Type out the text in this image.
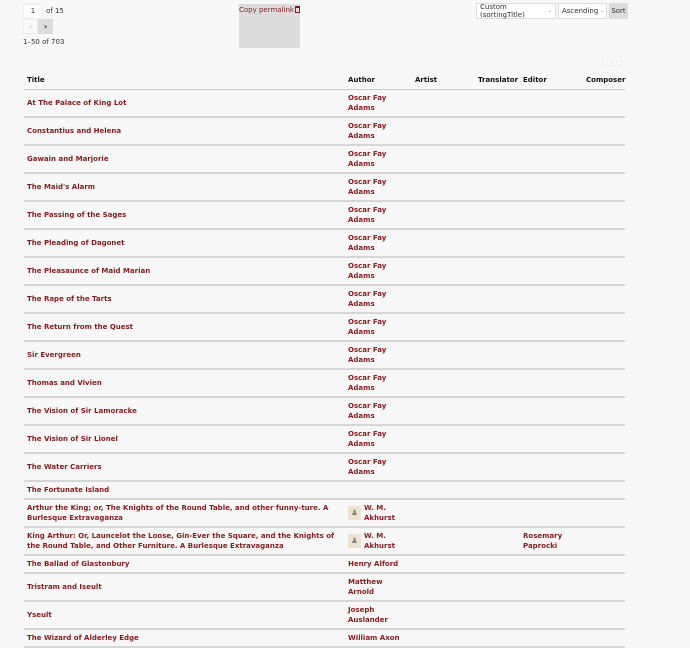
1
of 15
‹ ›
1–50 of 703
Copy permalink	Custom (sortingTitle)	⌄ Ascending ⌄ Sort
‹ ›
Title	Author	Artist	Translator	Editor	Composer
At The Palace of King Lot	Oscar Fay Adams				
Constantius and Helena	Oscar Fay Adams				
Gawain and Marjorie	Oscar Fay Adams				
The Maid's Alarm	Oscar Fay Adams				
The Passing of the Sages	Oscar Fay Adams				
The Pleading of Dagonet	Oscar Fay Adams				
The Pleasaunce of Maid Marian	Oscar Fay Adams				
The Rape of the Tarts	Oscar Fay Adams				
The Return from the Quest	Oscar Fay Adams				
Sir Evergreen	Oscar Fay Adams				
Thomas and Vivien	Oscar Fay Adams				
The Vision of Sir Lamoracke	Oscar Fay Adams				
The Vision of Sir Lionel	Oscar Fay Adams				
The Water Carriers	Oscar Fay Adams				
The Fortunate Island					
Arthur the King; or, The Knights of the Round Table, and other funny-ture. A Burlesque Extravaganza	♟ W. M.
Akhurst				

King Arthur: Or, Launcelot the Loose, Gin-Ever the Square, and the Knights of the Round Table, and Other Furniture. A Burlesque Extravaganza	♟ W. M.
Akhurst			Rosemary
Paprocki	

The Ballad of Glastonbury	Henry Alford				
Tristram and Iseult	Matthew Arnold				
Yseult	Joseph
Auslander				

The Wizard of Alderley Edge	William Axon				
